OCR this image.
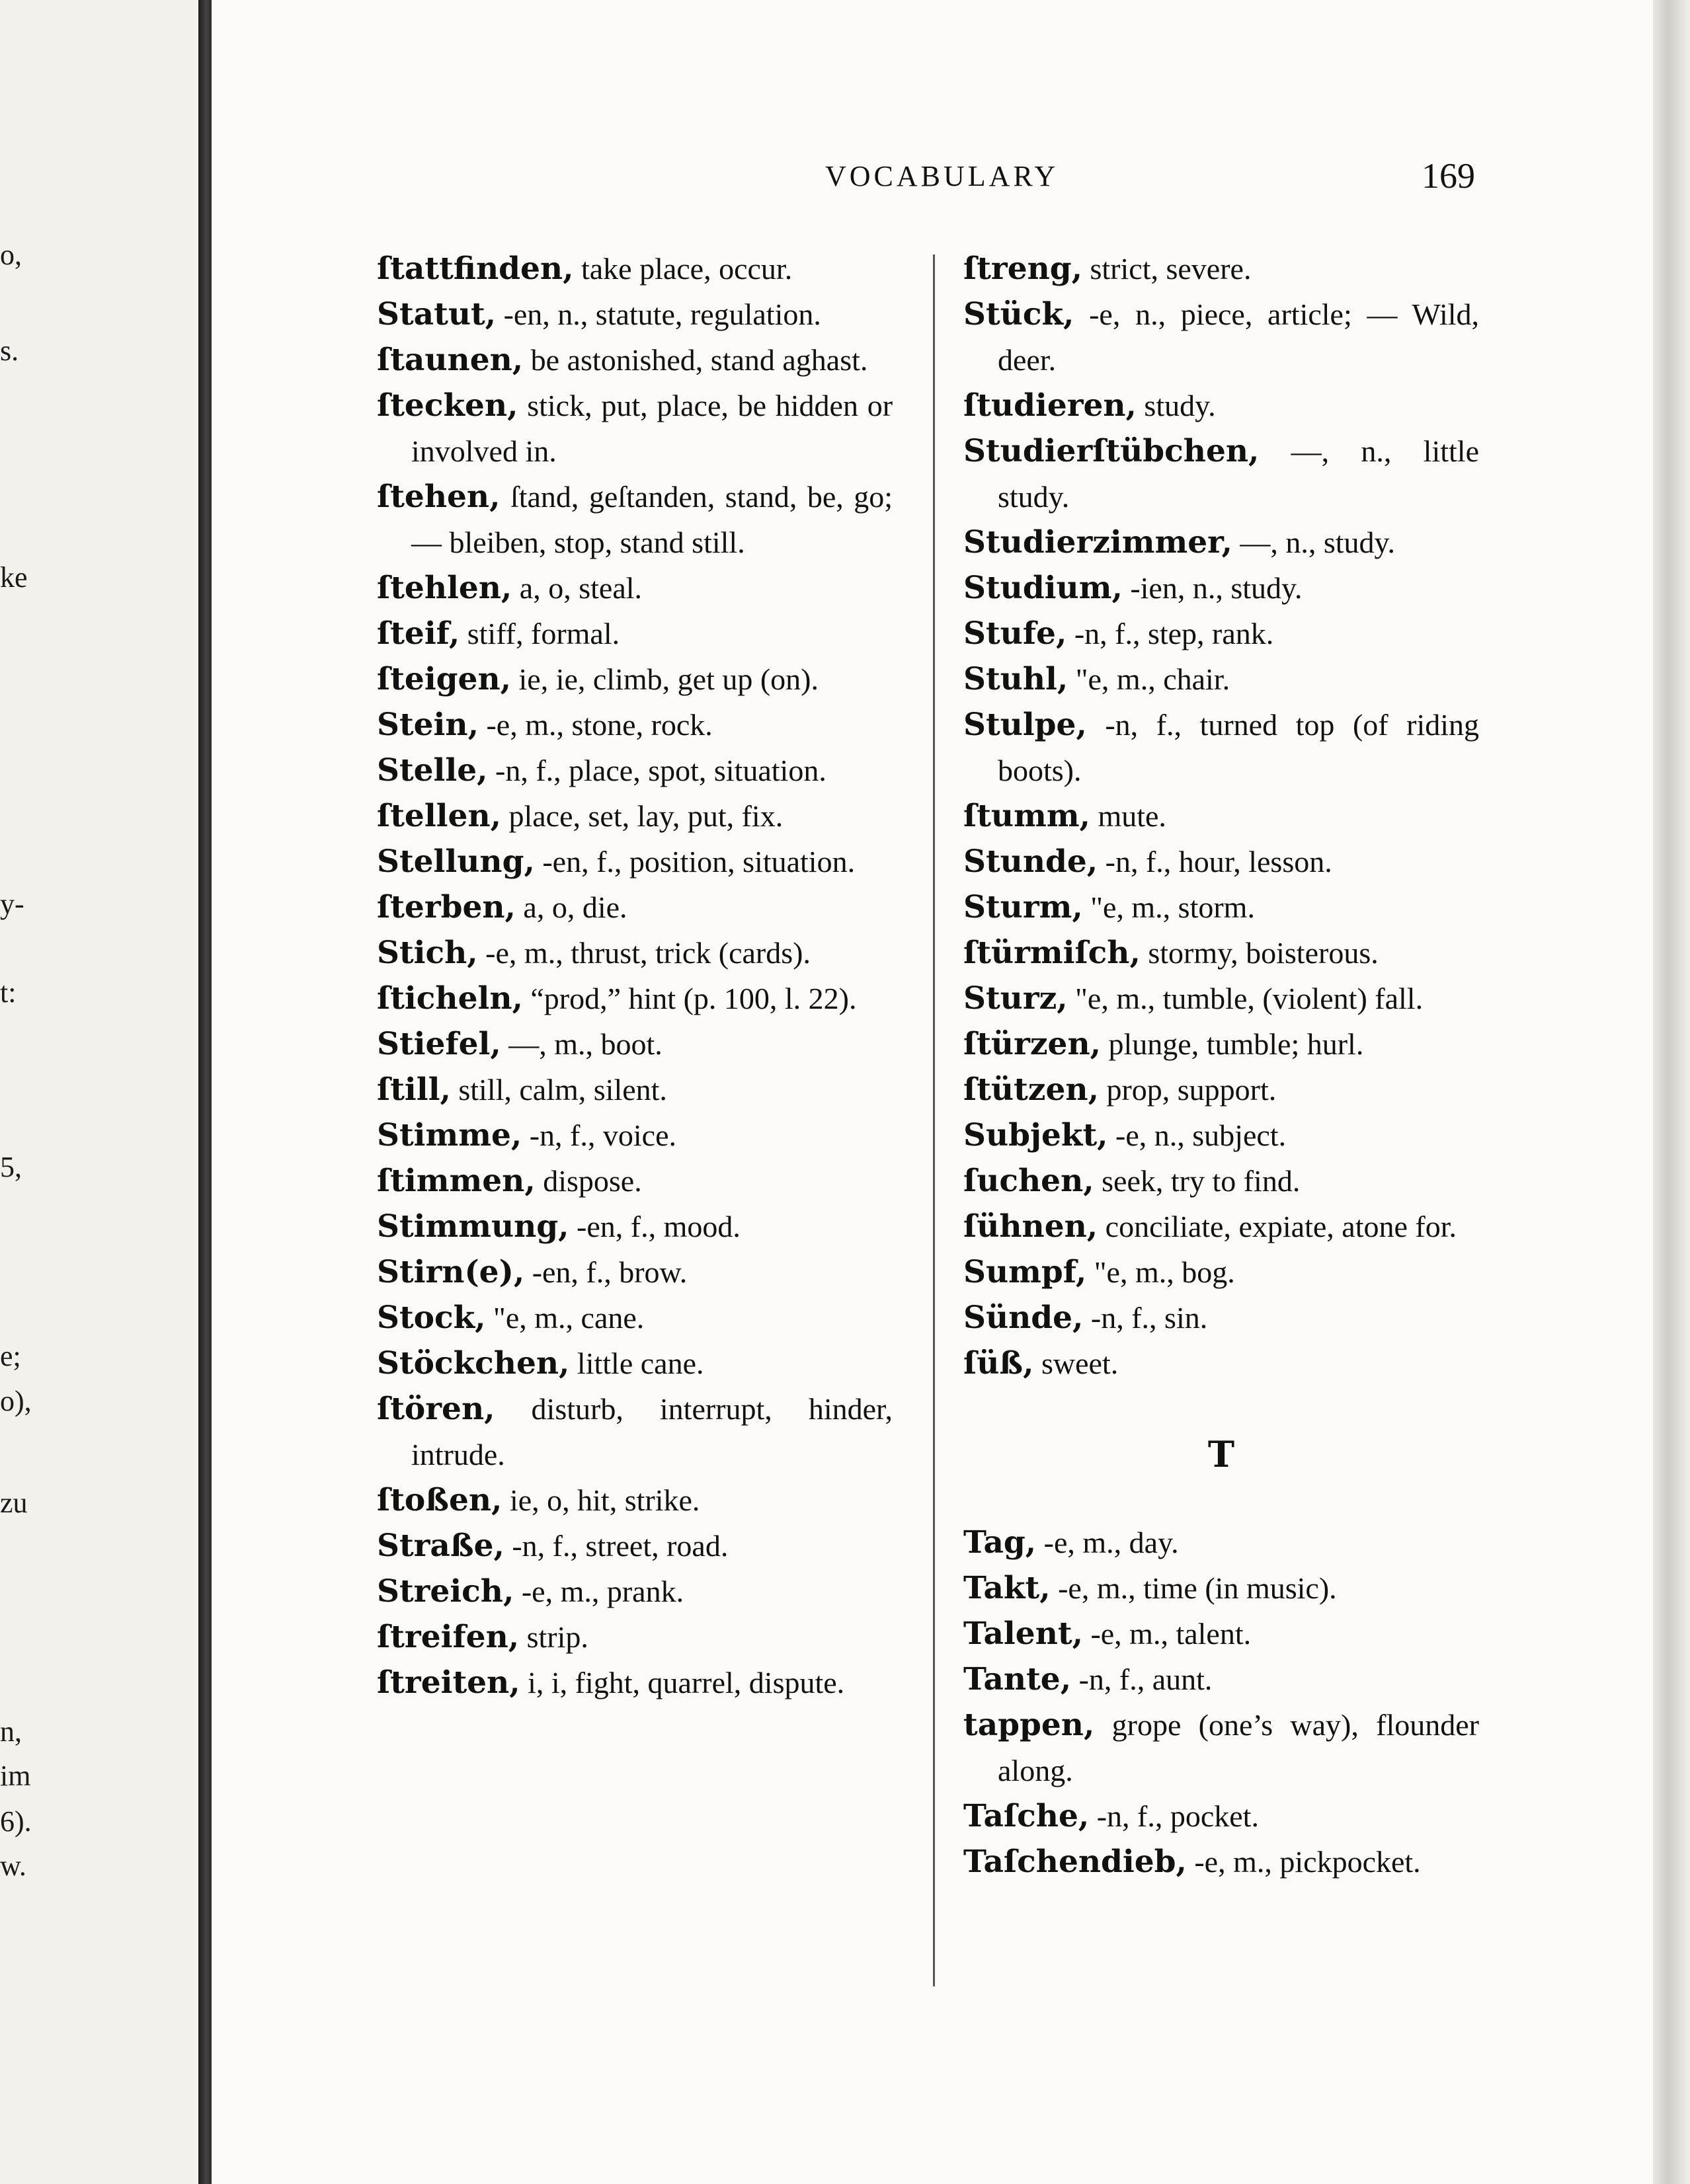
o,
s.
ke
y-
t:
5,
e;
o),
zu
n,
im
6).
w.
VOCABULARY	169

ſtattfinden, take place, occur.

Statut, -en, n., statute, regulation.

ſtaunen, be astonished, stand aghast.

ſtecken, stick, put, place, be hidden or involved in.

ſtehen, ſtand, geſtanden, stand, be, go; — bleiben, stop, stand still.

ſtehlen, a, o, steal.

ſteif, stiff, formal.

ſteigen, ie, ie, climb, get up (on).

Stein, -e, m., stone, rock.

Stelle, -n, f., place, spot, situation.

ſtellen, place, set, lay, put, fix.

Stellung, -en, f., position, situation.

ſterben, a, o, die.

Stich, -e, m., thrust, trick (cards).

ſticheln, “prod,” hint (p. 100, l. 22).

Stiefel, —, m., boot.

ſtill, still, calm, silent.

Stimme, -n, f., voice.

ſtimmen, dispose.

Stimmung, -en, f., mood.

Stirn(e), -en, f., brow.

Stock, "e, m., cane.

Stöckchen, little cane.

ſtören, disturb, interrupt, hinder, intrude.

ſtoßen, ie, o, hit, strike.

Straße, -n, f., street, road.

Streich, -e, m., prank.

ſtreifen, strip.

ſtreiten, i, i, fight, quarrel, dispute.

ſtreng, strict, severe.

Stück, -e, n., piece, article; — Wild, deer.

ſtudieren, study.

Studierſtübchen, —, n., little study.

Studierzimmer, —, n., study.

Studium, -ien, n., study.

Stufe, -n, f., step, rank.

Stuhl, "e, m., chair.

Stulpe, -n, f., turned top (of riding boots).

ſtumm, mute.

Stunde, -n, f., hour, lesson.

Sturm, "e, m., storm.

ſtürmiſch, stormy, boisterous.

Sturz, "e, m., tumble, (violent) fall.

ſtürzen, plunge, tumble; hurl.

ſtützen, prop, support.

Subjekt, -e, n., subject.

ſuchen, seek, try to find.

ſühnen, conciliate, expiate, atone for.

Sumpf, "e, m., bog.

Sünde, -n, f., sin.

ſüß, sweet.

T

Tag, -e, m., day.

Takt, -e, m., time (in music).

Talent, -e, m., talent.

Tante, -n, f., aunt.

tappen, grope (one’s way), flounder along.

Taſche, -n, f., pocket.

Taſchendieb, -e, m., pickpocket.
